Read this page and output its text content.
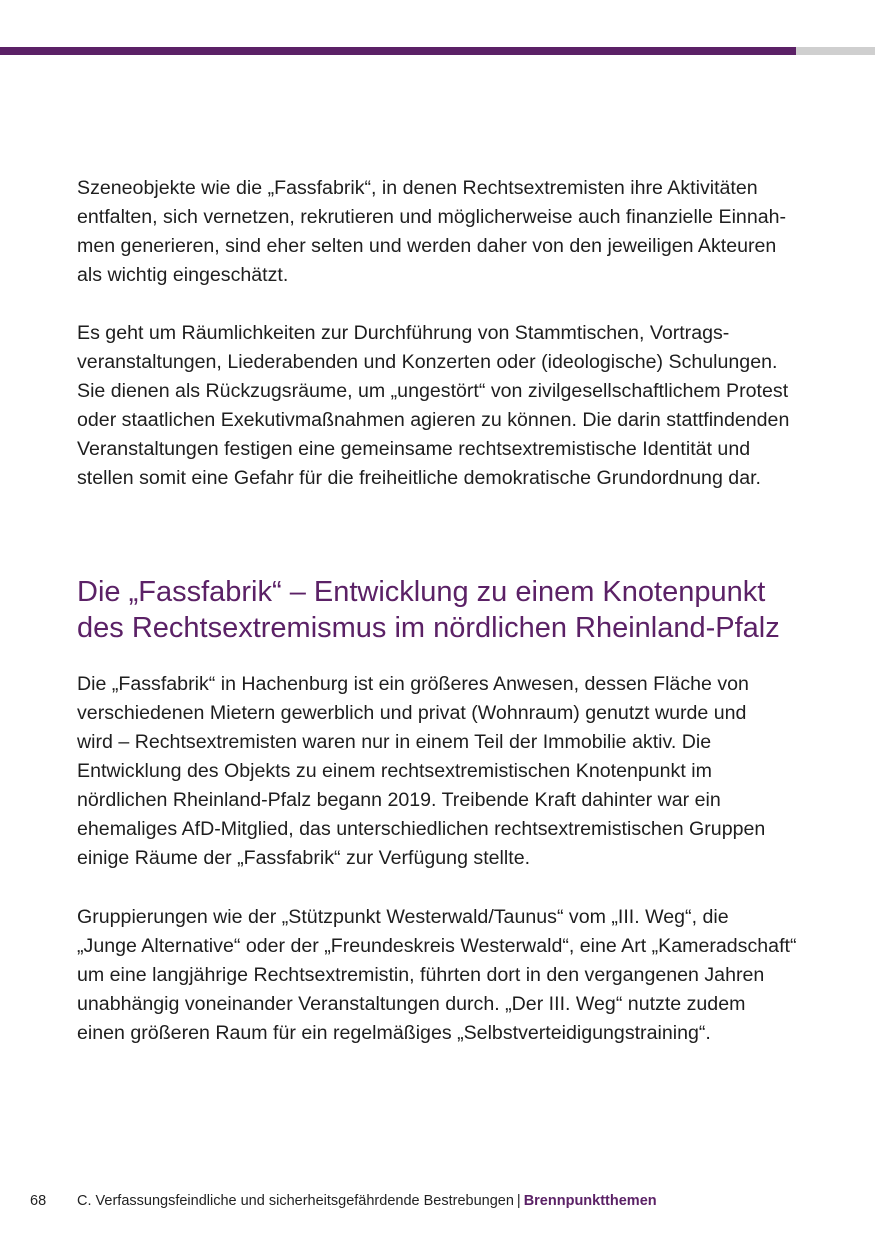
Szeneobjekte wie die „Fassfabrik“, in denen Rechtsextremisten ihre Aktivitäten
entfalten, sich vernetzen, rekrutieren und möglicherweise auch finanzielle Einnah-
men generieren, sind eher selten und werden daher von den jeweiligen Akteuren
als wichtig eingeschätzt.

Es geht um Räumlichkeiten zur Durchführung von Stammtischen, Vortrags-
veranstaltungen, Liederabenden und Konzerten oder (ideologische) Schulungen.
Sie dienen als Rückzugsräume, um „ungestört“ von zivilgesellschaftlichem Protest
oder staatlichen Exekutivmaßnahmen agieren zu können. Die darin stattfindenden
Veranstaltungen festigen eine gemeinsame rechtsextremistische Identität und
stellen somit eine Gefahr für die freiheitliche demokratische Grundordnung dar.

Die „Fassfabrik“ – Entwicklung zu einem Knotenpunkt
des Rechtsextremismus im nördlichen Rheinland-Pfalz

Die „Fassfabrik“ in Hachenburg ist ein größeres Anwesen, dessen Fläche von
verschiedenen Mietern gewerblich und privat (Wohnraum) genutzt wurde und
wird – Rechtsextremisten waren nur in einem Teil der Immobilie aktiv. Die
Entwicklung des Objekts zu einem rechtsextremistischen Knotenpunkt im
nördlichen Rheinland-Pfalz begann 2019. Treibende Kraft dahinter war ein
ehemaliges AfD-Mitglied, das unterschiedlichen rechtsextremistischen Gruppen
einige Räume der „Fassfabrik“ zur Verfügung stellte.

Gruppierungen wie der „Stützpunkt Westerwald/Taunus“ vom „III. Weg“, die
„Junge Alternative“ oder der „Freundeskreis Westerwald“, eine Art „Kameradschaft“
um eine langjährige Rechtsextremistin, führten dort in den vergangenen Jahren
unabhängig voneinander Veranstaltungen durch. „Der III. Weg“ nutzte zudem
einen größeren Raum für ein regelmäßiges „Selbstverteidigungstraining“.

68 C. Verfassungsfeindliche und sicherheitsgefährdende Bestrebungen | Brennpunktthemen
